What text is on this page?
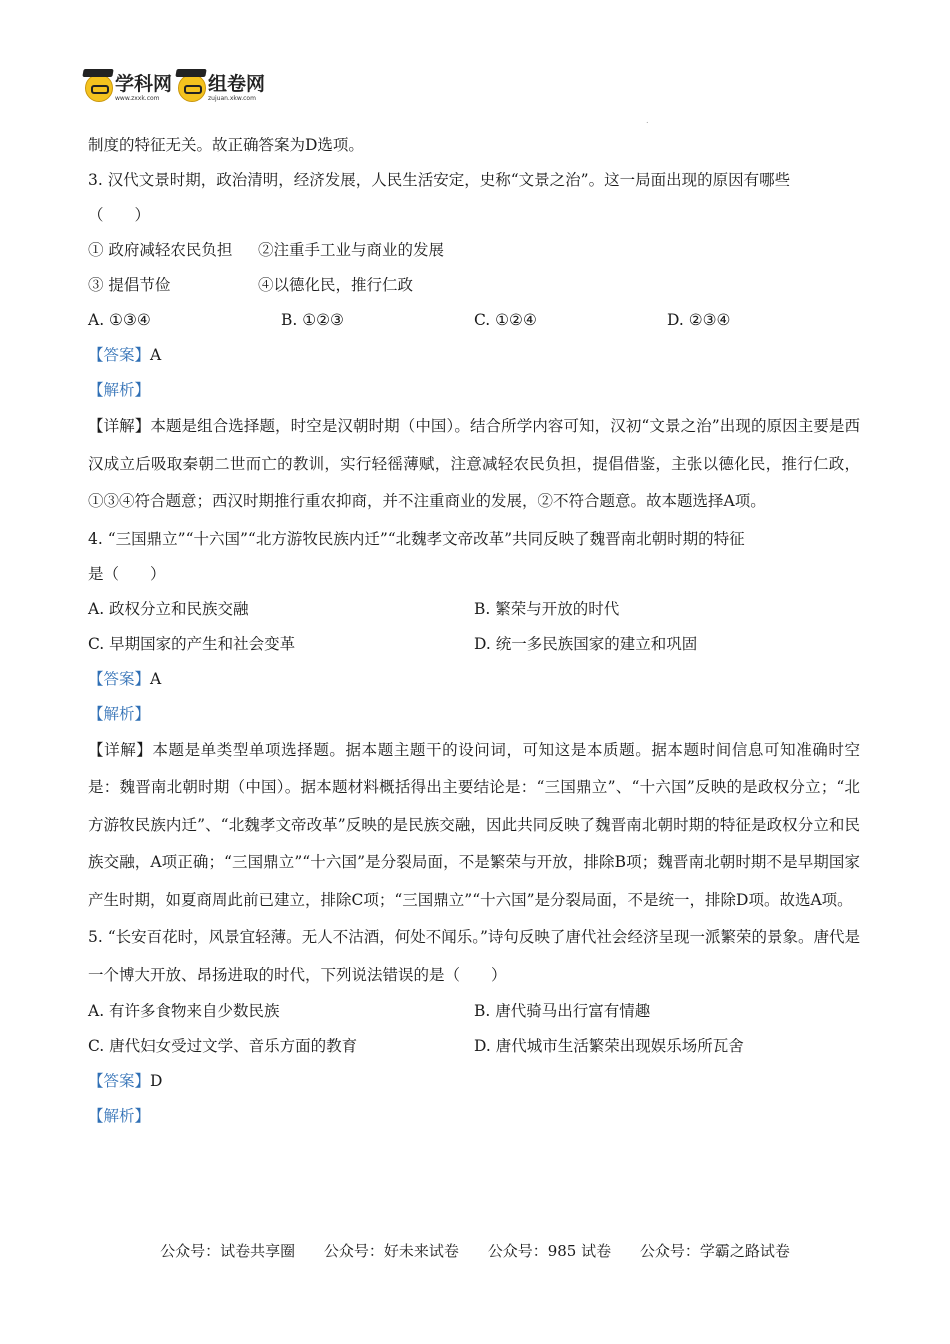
学科网
www.zxxk.com
组卷网
zujuan.xkw.com
.
制度的特征无关。故正确答案为D选项。
3. 汉代文景时期，政治清明，经济发展，人民生活安定，史称“文景之治”。这一局面出现的原因有哪些
（　　）
① 政府减轻农民负担	②注重手工业与商业的发展
③ 提倡节俭	④以德化民，推行仁政
A. ①③④	B. ①②③	C. ①②④	D. ②③④
【答案】A
【解析】
【详解】本题是组合选择题，时空是汉朝时期（中国）。结合所学内容可知，汉初“文景之治”出现的原因主要是西汉成立后吸取秦朝二世而亡的教训，实行轻徭薄赋，注意减轻农民负担，提倡借鉴，主张以德化民，推行仁政，①③④符合题意；西汉时期推行重农抑商，并不注重商业的发展，②不符合题意。故本题选择A项。
4. “三国鼎立”“十六国”“北方游牧民族内迁”“北魏孝文帝改革”共同反映了魏晋南北朝时期的特征
是（　　）
A. 政权分立和民族交融	B. 繁荣与开放的时代
C. 早期国家的产生和社会变革	D. 统一多民族国家的建立和巩固
【答案】A
【解析】
【详解】本题是单类型单项选择题。据本题主题干的设问词，可知这是本质题。据本题时间信息可知准确时空是：魏晋南北朝时期（中国）。据本题材料概括得出主要结论是：“三国鼎立”、“十六国”反映的是政权分立；“北方游牧民族内迁”、“北魏孝文帝改革”反映的是民族交融，因此共同反映了魏晋南北朝时期的特征是政权分立和民族交融，A项正确；“三国鼎立”“十六国”是分裂局面，不是繁荣与开放，排除B项；魏晋南北朝时期不是早期国家产生时期，如夏商周此前已建立，排除C项；“三国鼎立”“十六国”是分裂局面，不是统一，排除D项。故选A项。
5. “长安百花时，风景宜轻薄。无人不沽酒，何处不闻乐。”诗句反映了唐代社会经济呈现一派繁荣的景象。唐代是一个博大开放、昂扬进取的时代，下列说法错误的是（　　）
A. 有许多食物来自少数民族	B. 唐代骑马出行富有情趣
C. 唐代妇女受过文学、音乐方面的教育	D. 唐代城市生活繁荣出现娱乐场所瓦舍
【答案】D
【解析】
公众号：试卷共享圈 公众号：好未来试卷 公众号：985 试卷 公众号：学霸之路试卷
